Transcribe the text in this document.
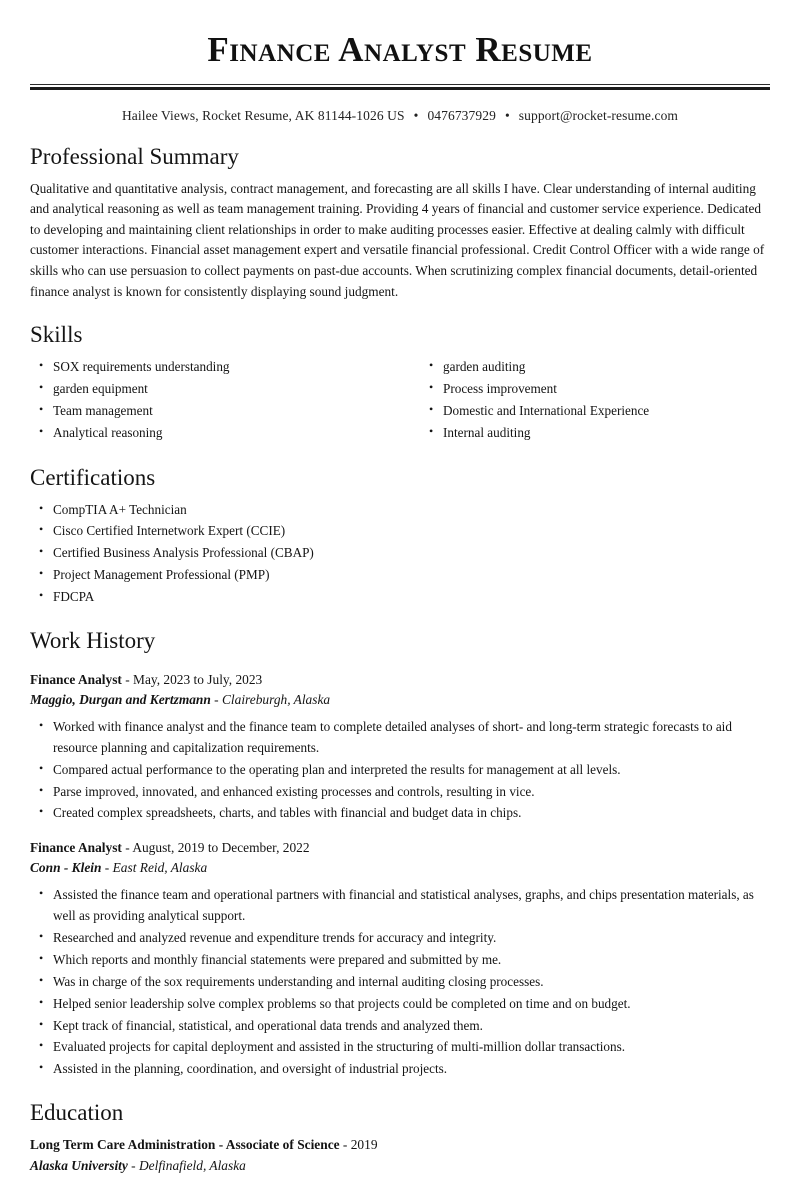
Finance Analyst Resume
Hailee Views, Rocket Resume, AK 81144-1026 US • 0476737929 • support@rocket-resume.com
Professional Summary

Qualitative and quantitative analysis, contract management, and forecasting are all skills I have. Clear understanding of internal auditing and analytical reasoning as well as team management training. Providing 4 years of financial and customer service experience. Dedicated to developing and maintaining client relationships in order to make auditing processes easier. Effective at dealing calmly with difficult customer interactions. Financial asset management expert and versatile financial professional. Credit Control Officer with a wide range of skills who can use persuasion to collect payments on past-due accounts. When scrutinizing complex financial documents, detail-oriented finance analyst is known for consistently displaying sound judgment.

Skills
• SOX requirements understanding
• garden equipment
• Team management
• Analytical reasoning
• garden auditing
• Process improvement
• Domestic and International Experience
• Internal auditing
Certifications
• CompTIA A+ Technician
• Cisco Certified Internetwork Expert (CCIE)
• Certified Business Analysis Professional (CBAP)
• Project Management Professional (PMP)
• FDCPA
Work History
Finance Analyst - May, 2023 to July, 2023
Maggio, Durgan and Kertzmann - Claireburgh, Alaska
• Worked with finance analyst and the finance team to complete detailed analyses of short- and long-term strategic forecasts to aid resource planning and capitalization requirements.
• Compared actual performance to the operating plan and interpreted the results for management at all levels.
• Parse improved, innovated, and enhanced existing processes and controls, resulting in vice.
• Created complex spreadsheets, charts, and tables with financial and budget data in chips.
Finance Analyst - August, 2019 to December, 2022
Conn - Klein - East Reid, Alaska
• Assisted the finance team and operational partners with financial and statistical analyses, graphs, and chips presentation materials, as well as providing analytical support.
• Researched and analyzed revenue and expenditure trends for accuracy and integrity.
• Which reports and monthly financial statements were prepared and submitted by me.
• Was in charge of the sox requirements understanding and internal auditing closing processes.
• Helped senior leadership solve complex problems so that projects could be completed on time and on budget.
• Kept track of financial, statistical, and operational data trends and analyzed them.
• Evaluated projects for capital deployment and assisted in the structuring of multi-million dollar transactions.
• Assisted in the planning, coordination, and oversight of industrial projects.
Education
Long Term Care Administration - Associate of Science - 2019
Alaska University - Delfinafield, Alaska
